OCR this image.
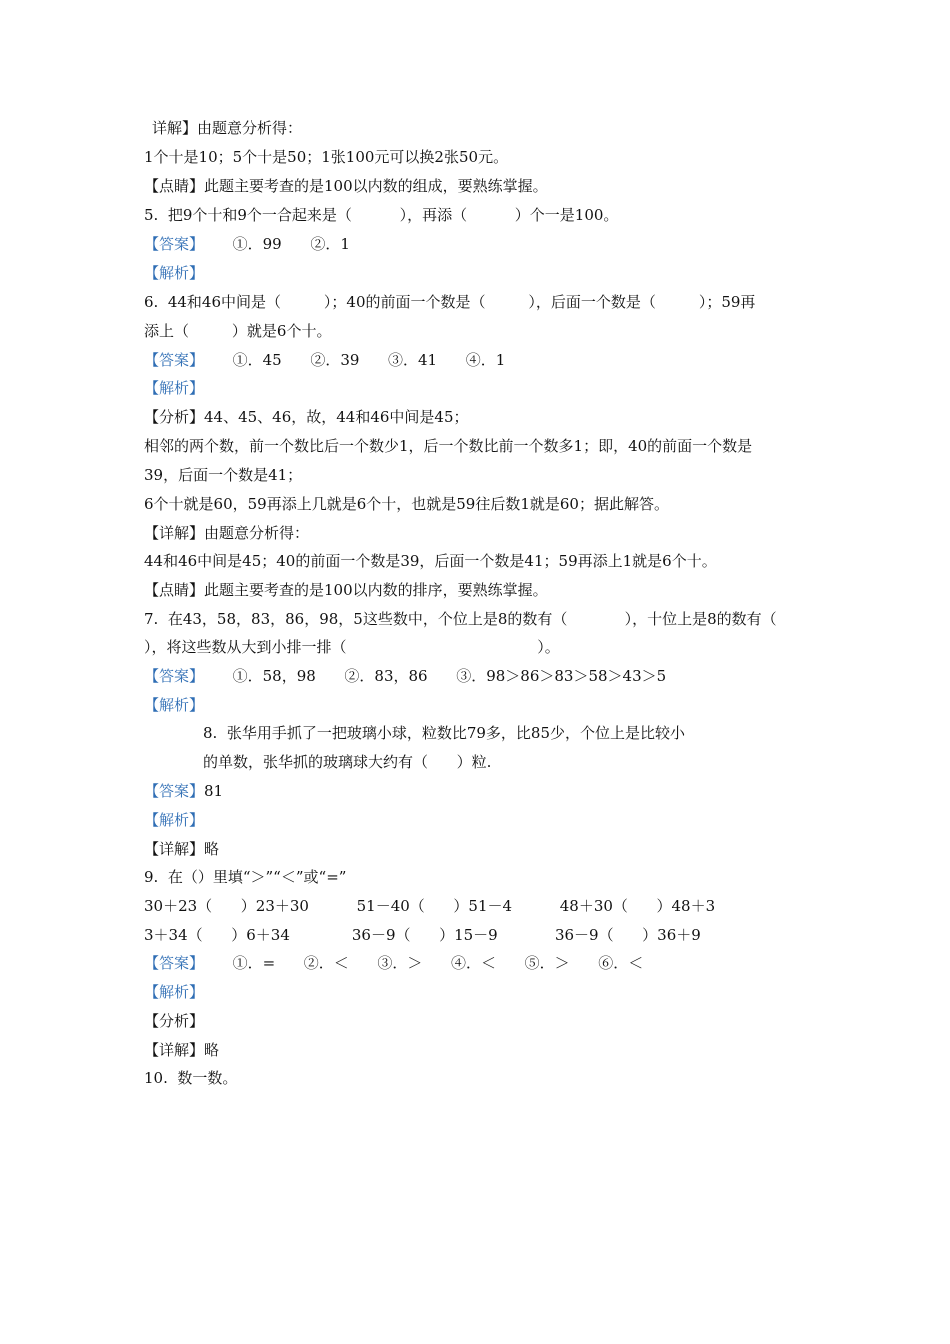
详解】由题意分析得：
1个十是10；5个十是50；1张100元可以换2张50元。
【点睛】此题主要考查的是100以内数的组成，要熟练掌握。
5.  把9个十和9个一合起来是（          ），再添（          ）个一是100。
【答案】      ①．99      ②．1
【解析】
6.  44和46中间是（         ）；40的前面一个数是（         ），后面一个数是（         ）；59再
添上（         ）就是6个十。
【答案】      ①．45      ②．39      ③．41      ④．1
【解析】
【分析】44、45、46，故，44和46中间是45；
相邻的两个数，前一个数比后一个数少1，后一个数比前一个数多1；即，40的前面一个数是
39，后面一个数是41；
6个十就是60，59再添上几就是6个十，也就是59往后数1就是60；据此解答。
【详解】由题意分析得：
44和46中间是45；40的前面一个数是39，后面一个数是41；59再添上1就是6个十。
【点睛】此题主要考查的是100以内数的排序，要熟练掌握。
7.  在43，58，83，86，98，5这些数中，个位上是8的数有（            ），十位上是8的数有（
），将这些数从大到小排一排（                                        ）。
【答案】      ①．58，98      ②．83，86      ③．98＞86＞83＞58＞43＞5
【解析】
8.  张华用手抓了一把玻璃小球，粒数比79多，比85少，个位上是比较小
的单数，张华抓的玻璃球大约有（      ）粒.
【答案】81
【解析】
【详解】略
9.  在（）里填“＞”“＜”或“=”
30＋23（      ）23＋30          51－40（      ）51－4          48＋30（      ）48＋3
3＋34（      ）6＋34             36－9（      ）15－9            36－9（      ）36＋9
【答案】      ①．=      ②．＜      ③．＞      ④．＜      ⑤．＞      ⑥．＜
【解析】
【分析】
【详解】略
10.  数一数。
